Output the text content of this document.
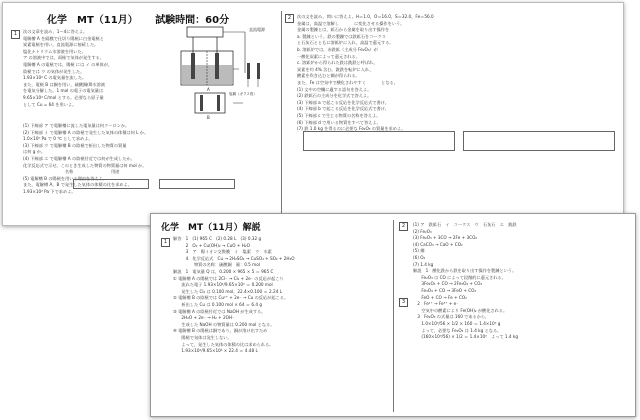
化学　MT（11月） 試験時間：60分
1
2
直流電源
A
B
塩橋（ガラス管）

次の文章を読み，1～4に答えよ。

電解槽 A を隔膜で仕切り陽極に白金電極と

炭素電極を用い，直流電源に接続した。

塩化ナトリウム水溶液を用いた。

ア の溶液中では，両極で気体が発生する。

電解槽 A の電極では，陽極 には イ の単体が，

陰極では ウ の気体が発生した。

1.93×10⁴ C の電気量を流した。

また，電極 B は銅を用い，硫酸銅(Ⅱ)水溶液

を電気分解した。1 mol の電子の電気量は

9.65×10⁴ C/mol とする。必要なら原子量

として Cu = 64 を用いよ。

(1) 下線部 ア で電解槽に流した電気量は何クーロンか。

(2) 下線部 イ で電解槽 A の陰極で発生した気体の体積は何 L か。

1.0×10⁵ Pa で 0 ℃ として求めよ。

(3) 下線部 ウ で電解槽 B の陰極で析出した物質の質量

は何 g か。

(4) 下線部 エ で電解槽 A の陰極付近では何が生成したか。

化学反応式で示せ。このとき生成した物質の物質量は何 mol か。

　　　　　　　　　　名称　　　　　　　　　用途

(5) 電解槽 B の陽極を用いる理由を答えよ。

また，電解槽 A，B で発生した気体の体積の比を求めよ。

1.93×10⁴ Pa 下で求めよ。

次の文を読み，問いに答えよ。H＝1.0，O＝16.0，S＝32.0，Fe＝56.0

金属は，高温で溶解し 　　　 に変化させる操作をいう。

金属の製錬とは，鉱石から金属を取り出す操作を

a. 製錬という。鉄の製錬では鉄鉱石をコークス

と石灰石とともに溶鉱炉に入れ，高温で還元する。

b. 溶鉱炉では，赤鉄鉱（主成分 Fe₂O₃）が

一酸化炭素によって還元される。

c. 溶鉱炉から得られた鉄は銑鉄と呼ばれ，

炭素を約 4% 含む。銑鉄を転炉に入れ，

酸素を吹き込むと鋼が得られる。

また，Fe は空気中で酸化されやすく 　　　 となる。

(1) 文中の空欄に適する語句を答えよ。

(2) 鉄鉱石の主成分を化学式で答えよ。

(3) 下線部 a で起こる反応を化学反応式で書け。

(4) 下線部 b で起こる反応を化学反応式で書け。

(5) 下線部 c で生じる物質の名称を答えよ。

(6) 下線部 d で用いる物質をすべて答えよ。

(7) 鉄 1.0 kg を得るのに必要な Fe₂O₃ の質量を求めよ。

化学　MT（11月）解説
1
2
3

解答　1　(1) 965 C　(2) 0.28 L　(3) 0.32 g

　　　2　O₂ + Cu(OH)₂ → CuO + H₂O

　　　3　ア　陽イオン交換膜　イ　塩素　ウ　水素

　　　4　化学反応式　Cu → 2H₂SO₄ → CuSO₄ + SO₂ + 2H₂O

　　　　　物質の名称：硫酸銅　量：0.5 mol

解説　1　電気量 Q は，0.200 × 965 × 5 ＝ 965 C

① 電解槽 A の陽極では 2Cl⁻ → Cl₂ + 2e⁻ の反応が起こり

　　流れた電子 1.93×10⁴/9.65×10⁴ ＝ 0.200 mol

　　発生した Cl₂ は 0.100 mol，22.4×0.100 ＝ 2.24 L

② 電解槽 B の陰極では Cu²⁺ + 2e⁻ → Cu の反応が起こる。

　　析出した Cu は 0.100 mol × 64 ＝ 6.4 g

③ 電解槽 A の陰極付近では NaOH が生成する。

　　2H₂O + 2e⁻ → H₂ + 2OH⁻

　　生成した NaOH の物質量は 0.200 mol となる。

④ 電解槽 B の陽極は銅であり，銅が溶け出すため

　　陽極で気体は発生しない。

　　よって，発生した気体の体積の比は求められる。

　　1.93×10⁴/9.65×10⁴ × 22.4 ＝ 4.48 L

(1) ア　鉄鉱石　イ　コークス　ウ　石灰石　エ　銑鉄

(2) Fe₂O₃

(3) Fe₂O₃ + 3CO → 2Fe + 3CO₂

(4) CaCO₃ → CaO + CO₂

(5) 鋼

(6) O₂

(7) 1.4 kg

解説　1　酸化鉄から鉄を取り出す操作を製錬という。

　　Fe₂O₃ は CO によって段階的に還元される。

　　3Fe₂O₃ + CO → 2Fe₃O₄ + CO₂

　　Fe₃O₄ + CO → 3FeO + CO₂

　　FeO + CO → Fe + CO₂

　2　Fe²⁺ → Fe³⁺ + e⁻

　　空気中の酸素により Fe(OH)₂ が酸化される。

　3　Fe₂O₃ の式量は 160 であるから，

　　1.0×10³/56 × 1/2 × 160 ＝ 1.4×10³ g

　　よって，必要な Fe₂O₃ は 1.4 kg となる。

　　(160×10³/56) × 1/2 ＝ 1.4×10³　よって 1.4 kg
